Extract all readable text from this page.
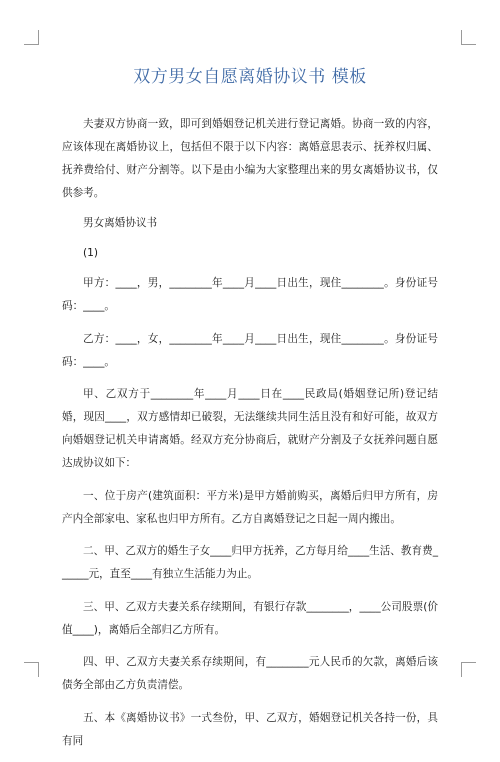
双方男女自愿离婚协议书 模板

夫妻双方协商一致，即可到婚姻登记机关进行登记离婚。协商一致的内容，应该体现在离婚协议上，包括但不限于以下内容：离婚意思表示、抚养权归属、抚养费给付、财产分割等。以下是由小编为大家整理出来的男女离婚协议书，仅供参考。

男女离婚协议书

(1)

甲方：____，男，________年____月____日出生，现住________。身份证号码：____。

乙方：____，女，________年____月____日出生，现住________。身份证号码：____。

甲、乙双方于________年____月____日在____民政局(婚姻登记所)登记结婚，现因____，双方感情却已破裂，无法继续共同生活且没有和好可能，故双方向婚姻登记机关申请离婚。经双方充分协商后，就财产分割及子女抚养问题自愿达成协议如下：

一、位于房产(建筑面积：平方米)是甲方婚前购买，离婚后归甲方所有，房产内全部家电、家私也归甲方所有。乙方自离婚登记之日起一周内搬出。

二、甲、乙双方的婚生子女____归甲方抚养，乙方每月给____生活、教育费______元，直至____有独立生活能力为止。

三、甲、乙双方夫妻关系存续期间，有银行存款________，____公司股票(价值____)，离婚后全部归乙方所有。

四、甲、乙双方夫妻关系存续期间，有________元人民币的欠款，离婚后该债务全部由乙方负责清偿。

五、本《离婚协议书》一式叁份，甲、乙双方，婚姻登记机关各持一份，具有同
